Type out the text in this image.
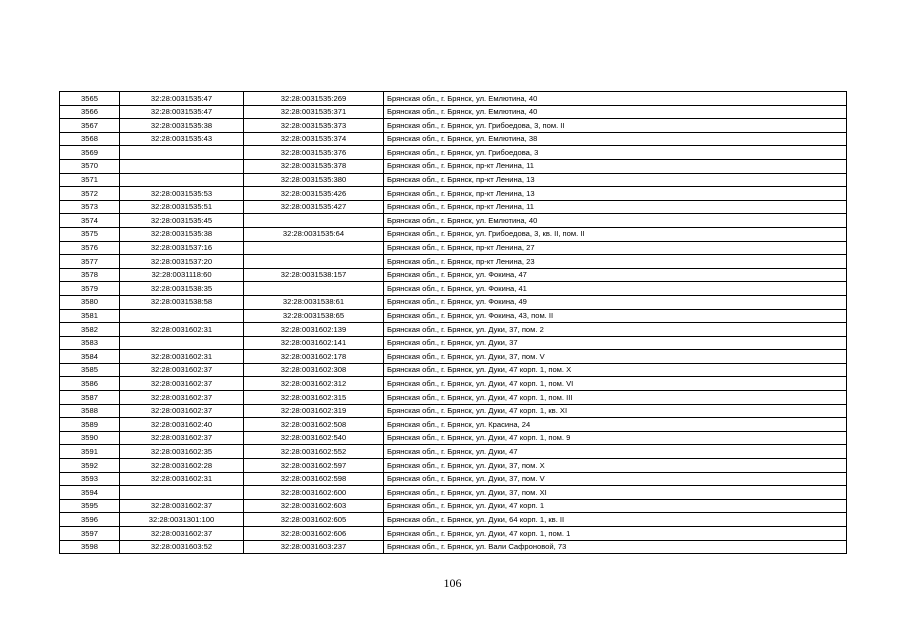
3565	32:28:0031535:47	32:28:0031535:269	Брянская обл., г. Брянск, ул. Емлютина, 40
3566	32:28:0031535:47	32:28:0031535:371	Брянская обл., г. Брянск, ул. Емлютина, 40
3567	32:28:0031535:38	32:28:0031535:373	Брянская обл., г. Брянск, ул. Грибоедова, 3, пом. II
3568	32:28:0031535:43	32:28:0031535:374	Брянская обл., г. Брянск, ул. Емлютина, 38
3569		32:28:0031535:376	Брянская обл., г. Брянск, ул. Грибоедова, 3
3570		32:28:0031535:378	Брянская обл., г. Брянск, пр-кт Ленина, 11
3571		32:28:0031535:380	Брянская обл., г. Брянск, пр-кт Ленина, 13
3572	32:28:0031535:53	32:28:0031535:426	Брянская обл., г. Брянск, пр-кт Ленина, 13
3573	32:28:0031535:51	32:28:0031535:427	Брянская обл., г. Брянск, пр-кт Ленина, 11
3574	32:28:0031535:45		Брянская обл., г. Брянск, ул. Емлютина, 40
3575	32:28:0031535:38	32:28:0031535:64	Брянская обл., г. Брянск, ул. Грибоедова, 3, кв. II, пом. II
3576	32:28:0031537:16		Брянская обл., г. Брянск, пр-кт Ленина, 27
3577	32:28:0031537:20		Брянская обл., г. Брянск, пр-кт Ленина, 23
3578	32:28:0031118:60	32:28:0031538:157	Брянская обл., г. Брянск, ул. Фокина, 47
3579	32:28:0031538:35		Брянская обл., г. Брянск, ул. Фокина, 41
3580	32:28:0031538:58	32:28:0031538:61	Брянская обл., г. Брянск, ул. Фокина, 49
3581		32:28:0031538:65	Брянская обл., г. Брянск, ул. Фокина, 43, пом. II
3582	32:28:0031602:31	32:28:0031602:139	Брянская обл., г. Брянск, ул. Дуки, 37, пом. 2
3583		32:28:0031602:141	Брянская обл., г. Брянск, ул. Дуки, 37
3584	32:28:0031602:31	32:28:0031602:178	Брянская обл., г. Брянск, ул. Дуки, 37, пом. V
3585	32:28:0031602:37	32:28:0031602:308	Брянская обл., г. Брянск, ул. Дуки, 47 корп. 1, пом. X
3586	32:28:0031602:37	32:28:0031602:312	Брянская обл., г. Брянск, ул. Дуки, 47 корп. 1, пом. VI
3587	32:28:0031602:37	32:28:0031602:315	Брянская обл., г. Брянск, ул. Дуки, 47 корп. 1, пом. III
3588	32:28:0031602:37	32:28:0031602:319	Брянская обл., г. Брянск, ул. Дуки, 47 корп. 1, кв. XI
3589	32:28:0031602:40	32:28:0031602:508	Брянская обл., г. Брянск, ул. Красина, 24
3590	32:28:0031602:37	32:28:0031602:540	Брянская обл., г. Брянск, ул. Дуки, 47 корп. 1, пом. 9
3591	32:28:0031602:35	32:28:0031602:552	Брянская обл., г. Брянск, ул. Дуки, 47
3592	32:28:0031602:28	32:28:0031602:597	Брянская обл., г. Брянск, ул. Дуки, 37, пом. X
3593	32:28:0031602:31	32:28:0031602:598	Брянская обл., г. Брянск, ул. Дуки, 37, пом. V
3594		32:28:0031602:600	Брянская обл., г. Брянск, ул. Дуки, 37, пом. XI
3595	32:28:0031602:37	32:28:0031602:603	Брянская обл., г. Брянск, ул. Дуки, 47 корп. 1
3596	32:28:0031301:100	32:28:0031602:605	Брянская обл., г. Брянск, ул. Дуки, 64 корп. 1, кв. II
3597	32:28:0031602:37	32:28:0031602:606	Брянская обл., г. Брянск, ул. Дуки, 47 корп. 1, пом. 1
3598	32:28:0031603:52	32:28:0031603:237	Брянская обл., г. Брянск, ул. Вали Сафроновой, 73
106
